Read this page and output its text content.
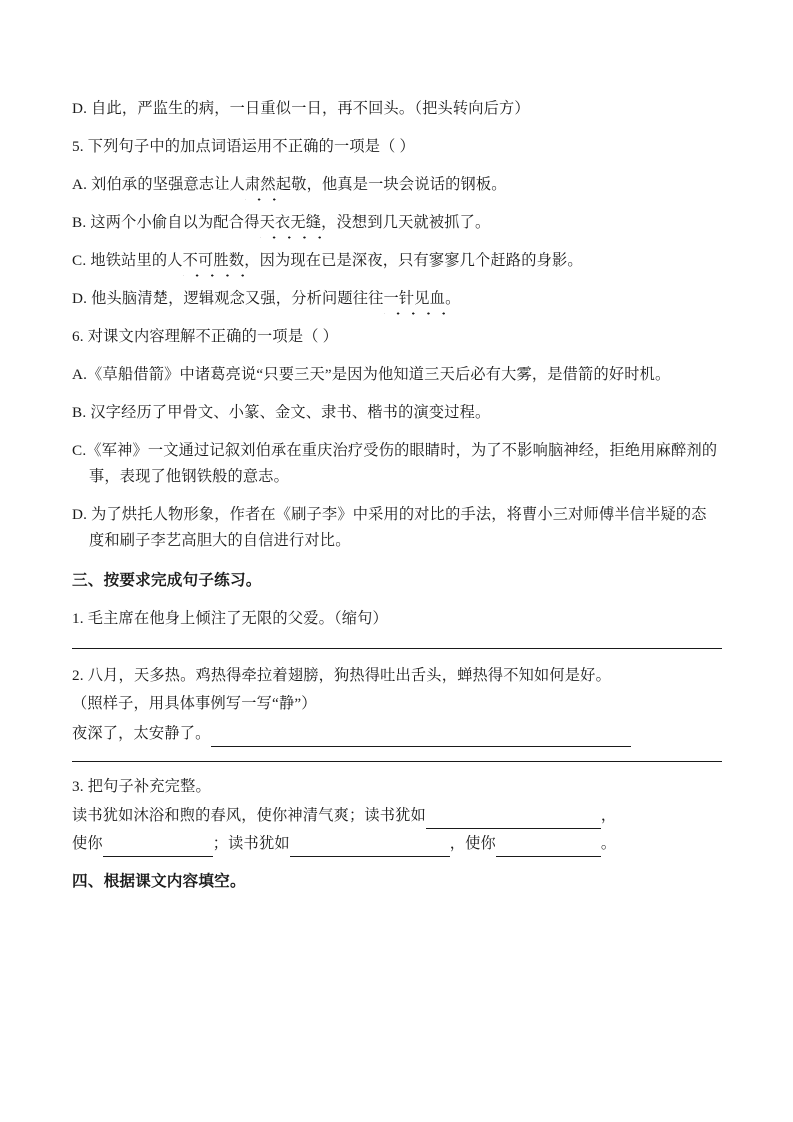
D. 自此，严监生的病，一日重似一日，再不回头。（把头转向后方）

5. 下列句子中的加点词语运用不正确的一项是（ ）

A. 刘伯承的坚强意志让人肃然起敬，他真是一块会说话的钢板。

B. 这两个小偷自以为配合得天衣无缝，没想到几天就被抓了。

C. 地铁站里的人不可胜数，因为现在已是深夜，只有寥寥几个赶路的身影。

D. 他头脑清楚，逻辑观念又强，分析问题往往一针见血。

6. 对课文内容理解不正确的一项是（ ）

A.《草船借箭》中诸葛亮说“只要三天”是因为他知道三天后必有大雾，是借箭的好时机。

B. 汉字经历了甲骨文、小篆、金文、隶书、楷书的演变过程。

C.《军神》一文通过记叙刘伯承在重庆治疗受伤的眼睛时，为了不影响脑神经，拒绝用麻醉剂的事，表现了他钢铁般的意志。

D. 为了烘托人物形象，作者在《刷子李》中采用的对比的手法，将曹小三对师傅半信半疑的态度和刷子李艺高胆大的自信进行对比。

三、按要求完成句子练习。

1. 毛主席在他身上倾注了无限的父爱。（缩句）

2. 八月，天多热。鸡热得牵拉着翅膀，狗热得吐出舌头，蝉热得不知如何是好。

（照样子，用具体事例写一写“静”）

夜深了，太安静了。

3. 把句子补充完整。

读书犹如沐浴和煦的春风，使你神清气爽；读书犹如	，

使你	；读书犹如	，使你	。

四、根据课文内容填空。
